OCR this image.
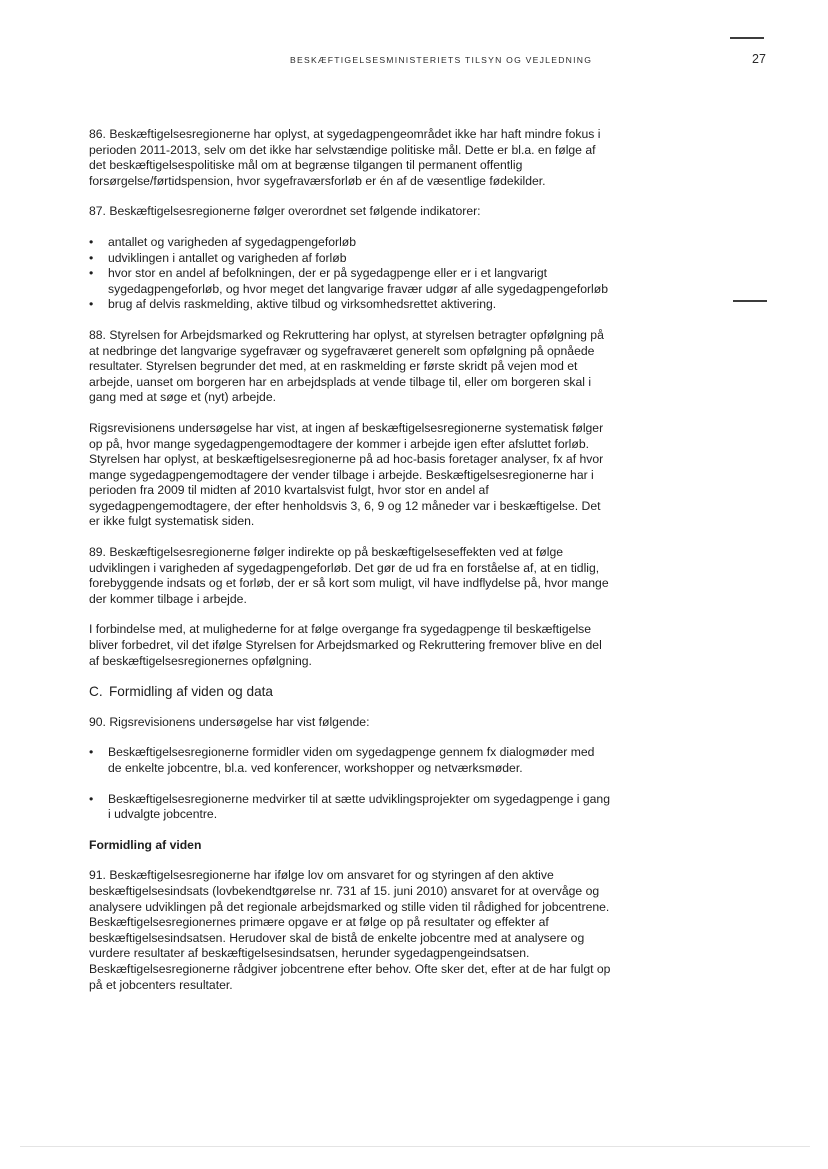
BESKÆFTIGELSESMINISTERIETS TILSYN OG VEJLEDNING	27

86. Beskæftigelsesregionerne har oplyst, at sygedagpengeområdet ikke har haft mindre fokus i perioden 2011-2013, selv om det ikke har selvstændige politiske mål. Dette er bl.a. en følge af det beskæftigelsespolitiske mål om at begrænse tilgangen til permanent offentlig forsørgelse/førtidspension, hvor sygefraværsforløb er én af de væsentlige fødekilder.

87. Beskæftigelsesregionerne følger overordnet set følgende indikatorer:

• antallet og varigheden af sygedagpengeforløb
• udviklingen i antallet og varigheden af forløb
• hvor stor en andel af befolkningen, der er på sygedagpenge eller er i et langvarigt sygedagpengeforløb, og hvor meget det langvarige fravær udgør af alle sygedagpengeforløb
• brug af delvis raskmelding, aktive tilbud og virksomhedsrettet aktivering.

88. Styrelsen for Arbejdsmarked og Rekruttering har oplyst, at styrelsen betragter opfølgning på at nedbringe det langvarige sygefravær og sygefraværet generelt som opfølgning på opnåede resultater. Styrelsen begrunder det med, at en raskmelding er første skridt på vejen mod et arbejde, uanset om borgeren har en arbejdsplads at vende tilbage til, eller om borgeren skal i gang med at søge et (nyt) arbejde.

Rigsrevisionens undersøgelse har vist, at ingen af beskæftigelsesregionerne systematisk følger op på, hvor mange sygedagpengemodtagere der kommer i arbejde igen efter afsluttet forløb. Styrelsen har oplyst, at beskæftigelsesregionerne på ad hoc-basis foretager analyser, fx af hvor mange sygedagpengemodtagere der vender tilbage i arbejde. Beskæftigelsesregionerne har i perioden fra 2009 til midten af 2010 kvartalsvist fulgt, hvor stor en andel af sygedagpengemodtagere, der efter henholdsvis 3, 6, 9 og 12 måneder var i beskæftigelse. Det er ikke fulgt systematisk siden.

89. Beskæftigelsesregionerne følger indirekte op på beskæftigelseseffekten ved at følge udviklingen i varigheden af sygedagpengeforløb. Det gør de ud fra en forståelse af, at en tidlig, forebyggende indsats og et forløb, der er så kort som muligt, vil have indflydelse på, hvor mange der kommer tilbage i arbejde.

I forbindelse med, at mulighederne for at følge overgange fra sygedagpenge til beskæftigelse bliver forbedret, vil det ifølge Styrelsen for Arbejdsmarked og Rekruttering fremover blive en del af beskæftigelsesregionernes opfølgning.

C. Formidling af viden og data

90. Rigsrevisionens undersøgelse har vist følgende:

• Beskæftigelsesregionerne formidler viden om sygedagpenge gennem fx dialogmøder med de enkelte jobcentre, bl.a. ved konferencer, workshopper og netværksmøder.
• Beskæftigelsesregionerne medvirker til at sætte udviklingsprojekter om sygedagpenge i gang i udvalgte jobcentre.

Formidling af viden

91. Beskæftigelsesregionerne har ifølge lov om ansvaret for og styringen af den aktive beskæftigelsesindsats (lovbekendtgørelse nr. 731 af 15. juni 2010) ansvaret for at overvåge og analysere udviklingen på det regionale arbejdsmarked og stille viden til rådighed for jobcentrene. Beskæftigelsesregionernes primære opgave er at følge op på resultater og effekter af beskæftigelsesindsatsen. Herudover skal de bistå de enkelte jobcentre med at analysere og vurdere resultater af beskæftigelsesindsatsen, herunder sygedagpengeindsatsen. Beskæftigelsesregionerne rådgiver jobcentrene efter behov. Ofte sker det, efter at de har fulgt op på et jobcenters resultater.
